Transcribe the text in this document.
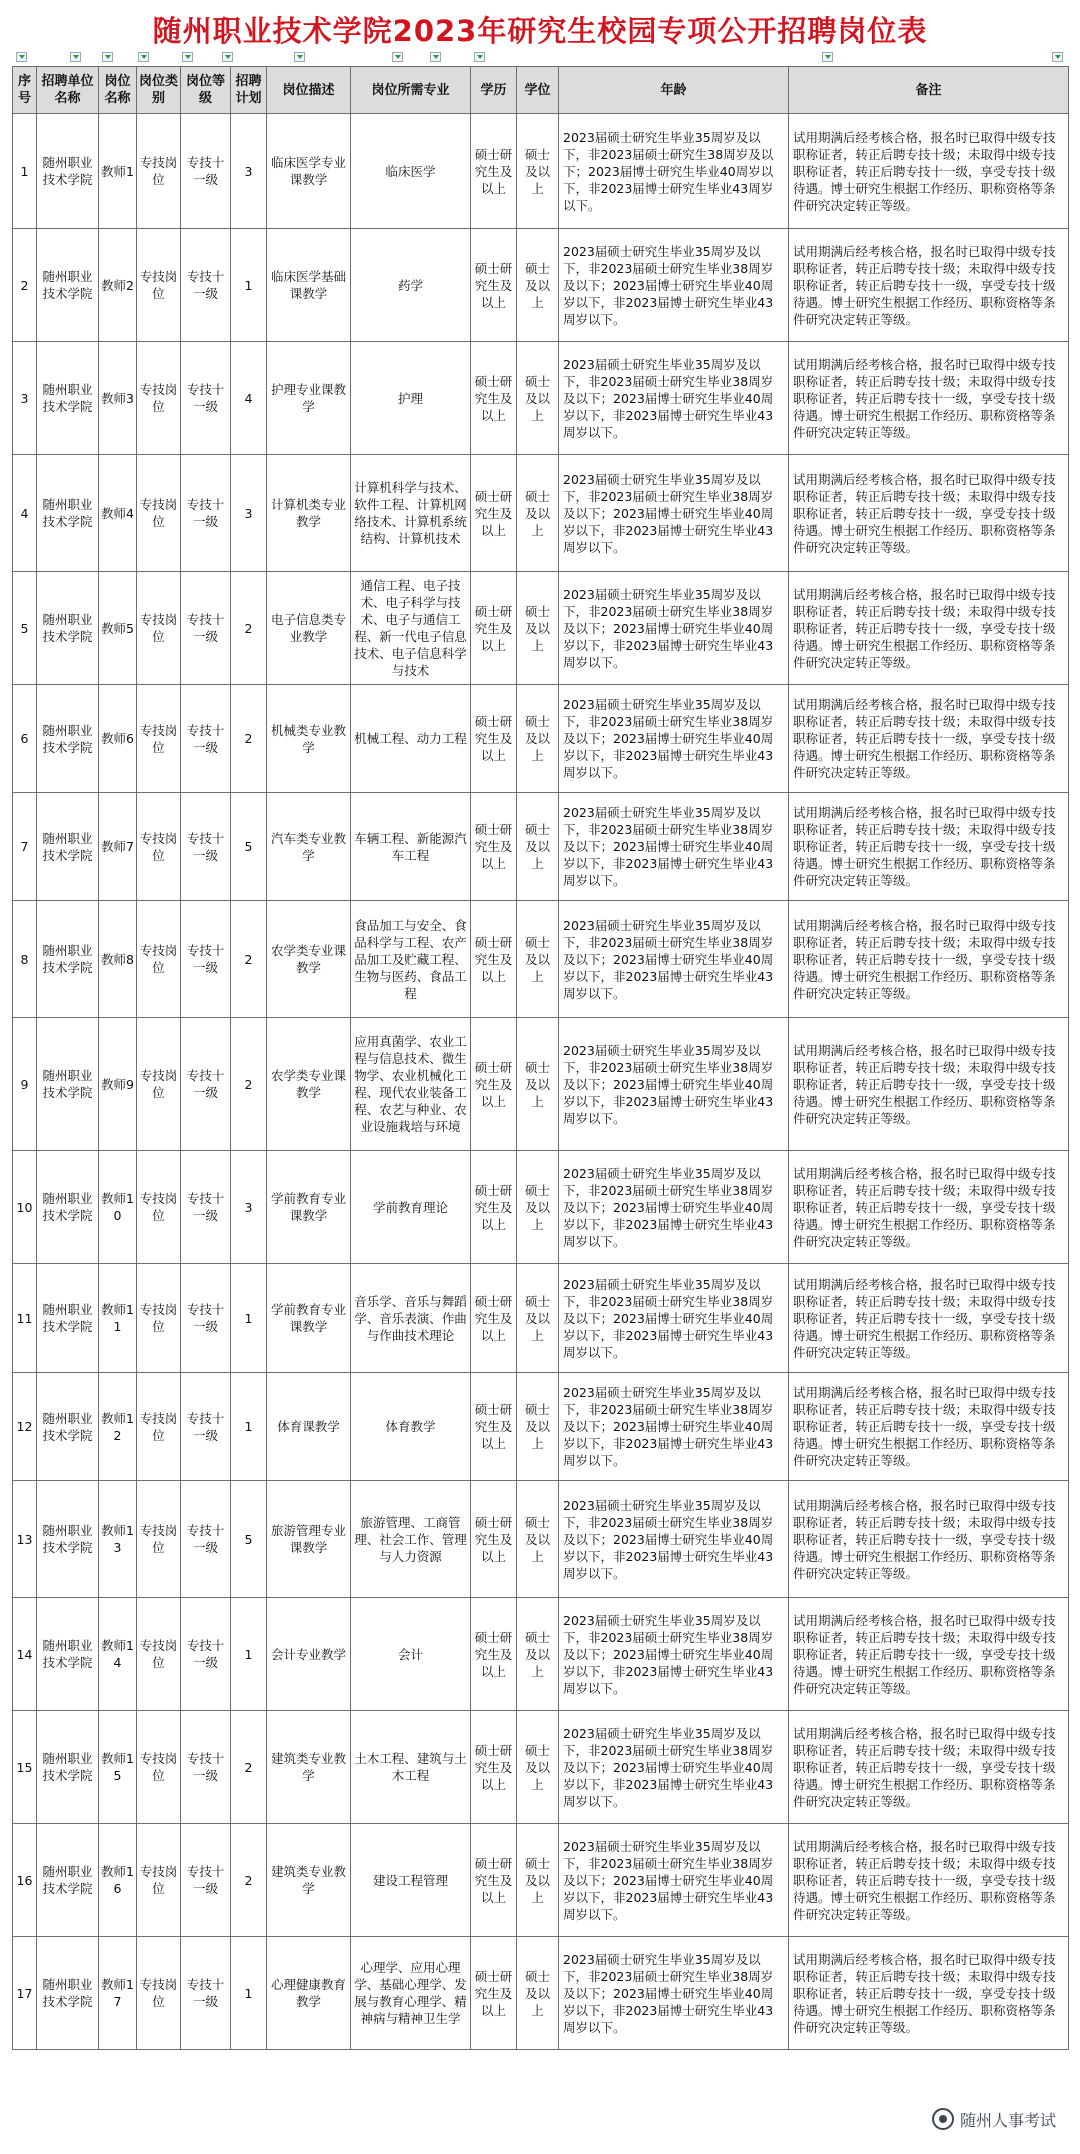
随州职业技术学院2023年研究生校园专项公开招聘岗位表
序号	招聘单位名称	岗位名称	岗位类别	岗位等级	招聘计划	岗位描述	岗位所需专业	学历	学位	年龄	备注
1	随州职业技术学院	教师1	专技岗位	专技十一级	3	临床医学专业课教学	临床医学	硕士研究生及以上	硕士及以上	2023届硕士研究生毕业35周岁及以下，非2023届硕士研究生38周岁及以下；2023届博士研究生毕业40周岁以下，非2023届博士研究生毕业43周岁以下。	试用期满后经考核合格，报名时已取得中级专技职称证者，转正后聘专技十级；未取得中级专技职称证者，转正后聘专技十一级，享受专技十级待遇。博士研究生根据工作经历、职称资格等条件研究决定转正等级。
2	随州职业技术学院	教师2	专技岗位	专技十一级	1	临床医学基础课教学	药学	硕士研究生及以上	硕士及以上	2023届硕士研究生毕业35周岁及以下，非2023届硕士研究生毕业38周岁及以下；2023届博士研究生毕业40周岁以下，非2023届博士研究生毕业43周岁以下。	试用期满后经考核合格，报名时已取得中级专技职称证者，转正后聘专技十级；未取得中级专技职称证者，转正后聘专技十一级，享受专技十级待遇。博士研究生根据工作经历、职称资格等条件研究决定转正等级。
3	随州职业技术学院	教师3	专技岗位	专技十一级	4	护理专业课教学	护理	硕士研究生及以上	硕士及以上	2023届硕士研究生毕业35周岁及以下，非2023届硕士研究生毕业38周岁及以下；2023届博士研究生毕业40周岁以下，非2023届博士研究生毕业43周岁以下。	试用期满后经考核合格，报名时已取得中级专技职称证者，转正后聘专技十级；未取得中级专技职称证者，转正后聘专技十一级，享受专技十级待遇。博士研究生根据工作经历、职称资格等条件研究决定转正等级。
4	随州职业技术学院	教师4	专技岗位	专技十一级	3	计算机类专业教学	计算机科学与技术、软件工程、计算机网络技术、计算机系统结构、计算机技术	硕士研究生及以上	硕士及以上	2023届硕士研究生毕业35周岁及以下，非2023届硕士研究生毕业38周岁及以下；2023届博士研究生毕业40周岁以下，非2023届博士研究生毕业43周岁以下。	试用期满后经考核合格，报名时已取得中级专技职称证者，转正后聘专技十级；未取得中级专技职称证者，转正后聘专技十一级，享受专技十级待遇。博士研究生根据工作经历、职称资格等条件研究决定转正等级。
5	随州职业技术学院	教师5	专技岗位	专技十一级	2	电子信息类专业教学	通信工程、电子技术、电子科学与技术、电子与通信工程、新一代电子信息技术、电子信息科学与技术	硕士研究生及以上	硕士及以上	2023届硕士研究生毕业35周岁及以下，非2023届硕士研究生毕业38周岁及以下；2023届博士研究生毕业40周岁以下，非2023届博士研究生毕业43周岁以下。	试用期满后经考核合格，报名时已取得中级专技职称证者，转正后聘专技十级；未取得中级专技职称证者，转正后聘专技十一级，享受专技十级待遇。博士研究生根据工作经历、职称资格等条件研究决定转正等级。
6	随州职业技术学院	教师6	专技岗位	专技十一级	2	机械类专业教学	机械工程、动力工程	硕士研究生及以上	硕士及以上	2023届硕士研究生毕业35周岁及以下，非2023届硕士研究生毕业38周岁及以下；2023届博士研究生毕业40周岁以下，非2023届博士研究生毕业43周岁以下。	试用期满后经考核合格，报名时已取得中级专技职称证者，转正后聘专技十级；未取得中级专技职称证者，转正后聘专技十一级，享受专技十级待遇。博士研究生根据工作经历、职称资格等条件研究决定转正等级。
7	随州职业技术学院	教师7	专技岗位	专技十一级	5	汽车类专业教学	车辆工程、新能源汽车工程	硕士研究生及以上	硕士及以上	2023届硕士研究生毕业35周岁及以下，非2023届硕士研究生毕业38周岁及以下；2023届博士研究生毕业40周岁以下，非2023届博士研究生毕业43周岁以下。	试用期满后经考核合格，报名时已取得中级专技职称证者，转正后聘专技十级；未取得中级专技职称证者，转正后聘专技十一级，享受专技十级待遇。博士研究生根据工作经历、职称资格等条件研究决定转正等级。
8	随州职业技术学院	教师8	专技岗位	专技十一级	2	农学类专业课教学	食品加工与安全、食品科学与工程、农产品加工及贮藏工程、生物与医药、食品工程	硕士研究生及以上	硕士及以上	2023届硕士研究生毕业35周岁及以下，非2023届硕士研究生毕业38周岁及以下；2023届博士研究生毕业40周岁以下，非2023届博士研究生毕业43周岁以下。	试用期满后经考核合格，报名时已取得中级专技职称证者，转正后聘专技十级；未取得中级专技职称证者，转正后聘专技十一级，享受专技十级待遇。博士研究生根据工作经历、职称资格等条件研究决定转正等级。
9	随州职业技术学院	教师9	专技岗位	专技十一级	2	农学类专业课教学	应用真菌学、农业工程与信息技术、微生物学、农业机械化工程、现代农业装备工程、农艺与种业、农业设施栽培与环境	硕士研究生及以上	硕士及以上	2023届硕士研究生毕业35周岁及以下，非2023届硕士研究生毕业38周岁及以下；2023届博士研究生毕业40周岁以下，非2023届博士研究生毕业43周岁以下。	试用期满后经考核合格，报名时已取得中级专技职称证者，转正后聘专技十级；未取得中级专技职称证者，转正后聘专技十一级，享受专技十级待遇。博士研究生根据工作经历、职称资格等条件研究决定转正等级。
10	随州职业技术学院	教师10	专技岗位	专技十一级	3	学前教育专业课教学	学前教育理论	硕士研究生及以上	硕士及以上	2023届硕士研究生毕业35周岁及以下，非2023届硕士研究生毕业38周岁及以下；2023届博士研究生毕业40周岁以下，非2023届博士研究生毕业43周岁以下。	试用期满后经考核合格，报名时已取得中级专技职称证者，转正后聘专技十级；未取得中级专技职称证者，转正后聘专技十一级，享受专技十级待遇。博士研究生根据工作经历、职称资格等条件研究决定转正等级。
11	随州职业技术学院	教师11	专技岗位	专技十一级	1	学前教育专业课教学	音乐学、音乐与舞蹈学、音乐表演、作曲与作曲技术理论	硕士研究生及以上	硕士及以上	2023届硕士研究生毕业35周岁及以下，非2023届硕士研究生毕业38周岁及以下；2023届博士研究生毕业40周岁以下，非2023届博士研究生毕业43周岁以下。	试用期满后经考核合格，报名时已取得中级专技职称证者，转正后聘专技十级；未取得中级专技职称证者，转正后聘专技十一级，享受专技十级待遇。博士研究生根据工作经历、职称资格等条件研究决定转正等级。
12	随州职业技术学院	教师12	专技岗位	专技十一级	1	体育课教学	体育教学	硕士研究生及以上	硕士及以上	2023届硕士研究生毕业35周岁及以下，非2023届硕士研究生毕业38周岁及以下；2023届博士研究生毕业40周岁以下，非2023届博士研究生毕业43周岁以下。	试用期满后经考核合格，报名时已取得中级专技职称证者，转正后聘专技十级；未取得中级专技职称证者，转正后聘专技十一级，享受专技十级待遇。博士研究生根据工作经历、职称资格等条件研究决定转正等级。
13	随州职业技术学院	教师13	专技岗位	专技十一级	5	旅游管理专业课教学	旅游管理、工商管理、社会工作、管理与人力资源	硕士研究生及以上	硕士及以上	2023届硕士研究生毕业35周岁及以下，非2023届硕士研究生毕业38周岁及以下；2023届博士研究生毕业40周岁以下，非2023届博士研究生毕业43周岁以下。	试用期满后经考核合格，报名时已取得中级专技职称证者，转正后聘专技十级；未取得中级专技职称证者，转正后聘专技十一级，享受专技十级待遇。博士研究生根据工作经历、职称资格等条件研究决定转正等级。
14	随州职业技术学院	教师14	专技岗位	专技十一级	1	会计专业教学	会计	硕士研究生及以上	硕士及以上	2023届硕士研究生毕业35周岁及以下，非2023届硕士研究生毕业38周岁及以下；2023届博士研究生毕业40周岁以下，非2023届博士研究生毕业43周岁以下。	试用期满后经考核合格，报名时已取得中级专技职称证者，转正后聘专技十级；未取得中级专技职称证者，转正后聘专技十一级，享受专技十级待遇。博士研究生根据工作经历、职称资格等条件研究决定转正等级。
15	随州职业技术学院	教师15	专技岗位	专技十一级	2	建筑类专业教学	土木工程、建筑与土木工程	硕士研究生及以上	硕士及以上	2023届硕士研究生毕业35周岁及以下，非2023届硕士研究生毕业38周岁及以下；2023届博士研究生毕业40周岁以下，非2023届博士研究生毕业43周岁以下。	试用期满后经考核合格，报名时已取得中级专技职称证者，转正后聘专技十级；未取得中级专技职称证者，转正后聘专技十一级，享受专技十级待遇。博士研究生根据工作经历、职称资格等条件研究决定转正等级。
16	随州职业技术学院	教师16	专技岗位	专技十一级	2	建筑类专业教学	建设工程管理	硕士研究生及以上	硕士及以上	2023届硕士研究生毕业35周岁及以下，非2023届硕士研究生毕业38周岁及以下；2023届博士研究生毕业40周岁以下，非2023届博士研究生毕业43周岁以下。	试用期满后经考核合格，报名时已取得中级专技职称证者，转正后聘专技十级；未取得中级专技职称证者，转正后聘专技十一级，享受专技十级待遇。博士研究生根据工作经历、职称资格等条件研究决定转正等级。
17	随州职业技术学院	教师17	专技岗位	专技十一级	1	心理健康教育教学	心理学、应用心理学、基础心理学、发展与教育心理学、精神病与精神卫生学	硕士研究生及以上	硕士及以上	2023届硕士研究生毕业35周岁及以下，非2023届硕士研究生毕业38周岁及以下；2023届博士研究生毕业40周岁以下，非2023届博士研究生毕业43周岁以下。	试用期满后经考核合格，报名时已取得中级专技职称证者，转正后聘专技十级；未取得中级专技职称证者，转正后聘专技十一级，享受专技十级待遇。博士研究生根据工作经历、职称资格等条件研究决定转正等级。
随州人事考试
